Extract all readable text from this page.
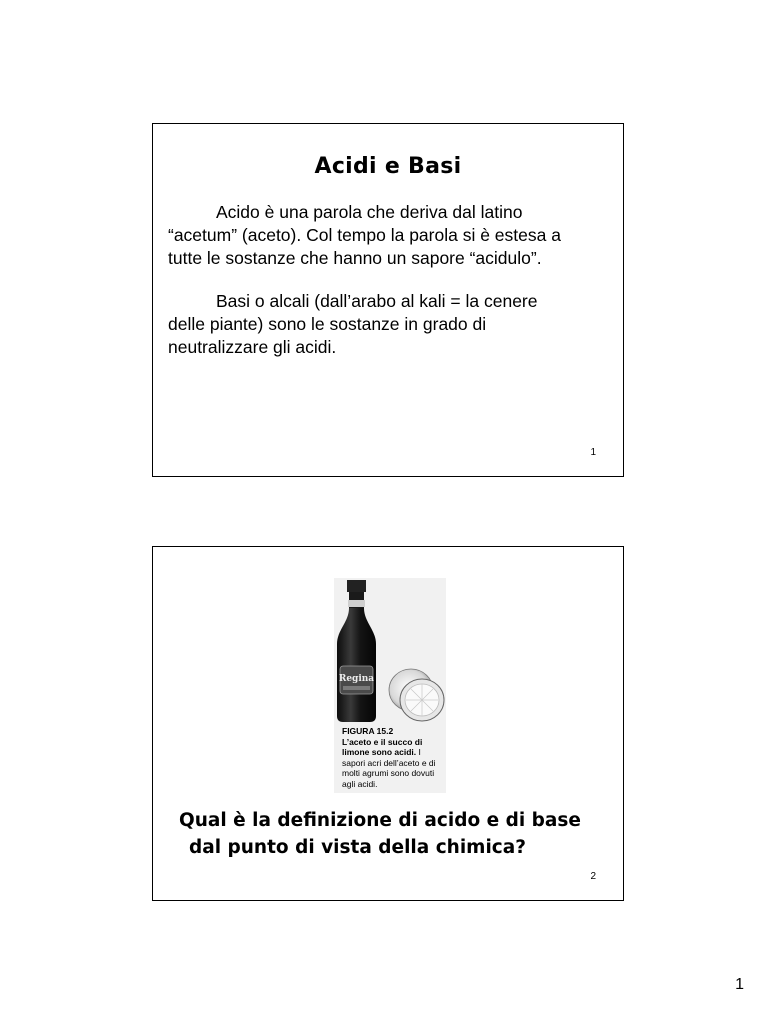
Acidi e Basi
Acido è una parola che deriva dal latino
“acetum” (aceto). Col tempo la parola si è estesa a
tutte le sostanze che hanno un sapore “acidulo”.
Basi o alcali (dall’arabo al kali = la cenere
delle piante) sono le sostanze in grado di
neutralizzare gli acidi.
1
Regina
FIGURA 15.2
L’aceto e il succo di limone sono acidi. I sapori acri dell’aceto e di molti agrumi sono dovuti agli acidi.
Qual è la definizione di acido e di base
dal punto di vista della chimica?
2
1
